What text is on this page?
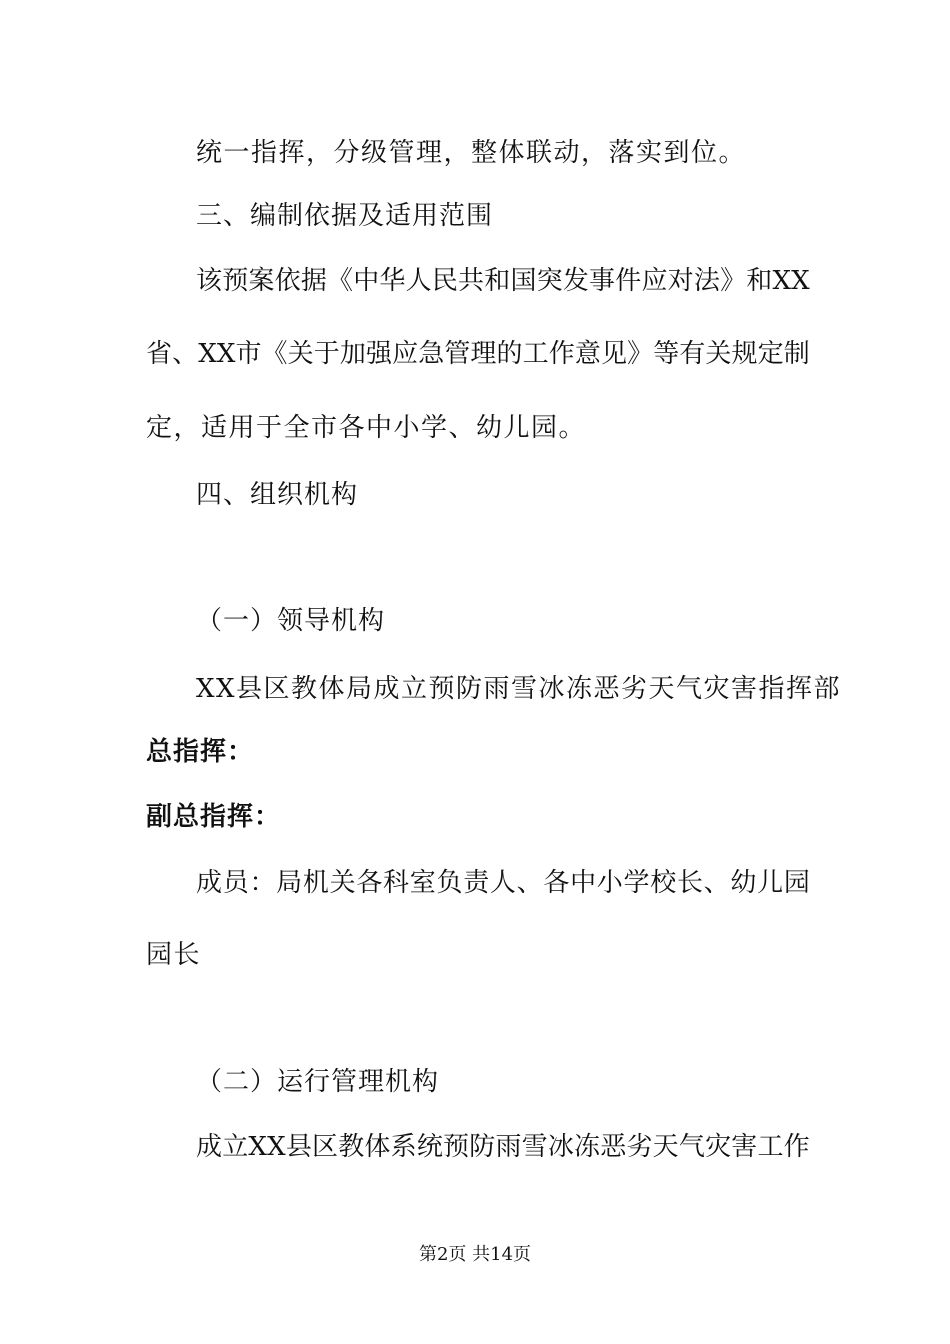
统一指挥，分级管理，整体联动，落实到位。
三、编制依据及适用范围
该 预 案 依 据 《 中 华 人 民 共 和 国 突 发 事 件 应 对 法 》 和 X X
省 、 X X 市 《 关 于 加 强 应 急 管 理 的 工 作 意 见 》 等 有 关 规 定 制
定，适用于全市各中小学、幼儿园。
四、组织机构
（一）领导机构
XX县区教体局成立预防雨雪冰冻恶劣天气灾害指挥部
总指挥：
副总指挥：
成 员 ： 局 机 关 各 科 室 负 责 人 、 各 中 小 学 校 长 、 幼 儿 园
园长
（二）运行管理机构
成 立 X X 县 区 教 体 系 统 预 防 雨 雪 冰 冻 恶 劣 天 气 灾 害 工 作
第2页 共14页
